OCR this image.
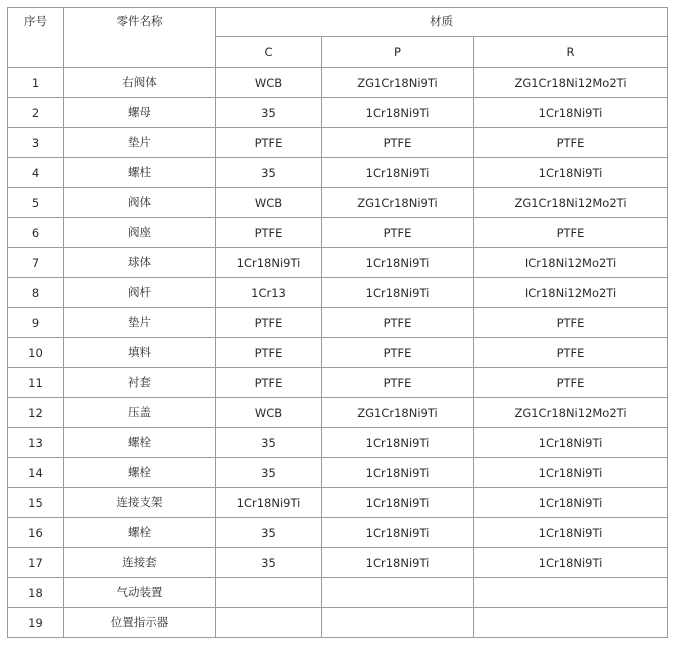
序号	零件名称	材质		
		C	P	R
1	右阀体	WCB	ZG1Cr18Ni9Ti	ZG1Cr18Ni12Mo2Ti
2	螺母	35	1Cr18Ni9Ti	1Cr18Ni9Ti
3	垫片	PTFE	PTFE	PTFE
4	螺柱	35	1Cr18Ni9Ti	1Cr18Ni9Ti
5	阀体	WCB	ZG1Cr18Ni9Ti	ZG1Cr18Ni12Mo2Ti
6	阀座	PTFE	PTFE	PTFE
7	球体	1Cr18Ni9Ti	1Cr18Ni9Ti	ICr18Ni12Mo2Ti
8	阀杆	1Cr13	1Cr18Ni9Ti	ICr18Ni12Mo2Ti
9	垫片	PTFE	PTFE	PTFE
10	填料	PTFE	PTFE	PTFE
11	衬套	PTFE	PTFE	PTFE
12	压盖	WCB	ZG1Cr18Ni9Ti	ZG1Cr18Ni12Mo2Ti
13	螺栓	35	1Cr18Ni9Ti	1Cr18Ni9Ti
14	螺栓	35	1Cr18Ni9Ti	1Cr18Ni9Ti
15	连接支架	1Cr18Ni9Ti	1Cr18Ni9Ti	1Cr18Ni9Ti
16	螺栓	35	1Cr18Ni9Ti	1Cr18Ni9Ti
17	连接套	35	1Cr18Ni9Ti	1Cr18Ni9Ti
18	气动装置			
19	位置指示器			
